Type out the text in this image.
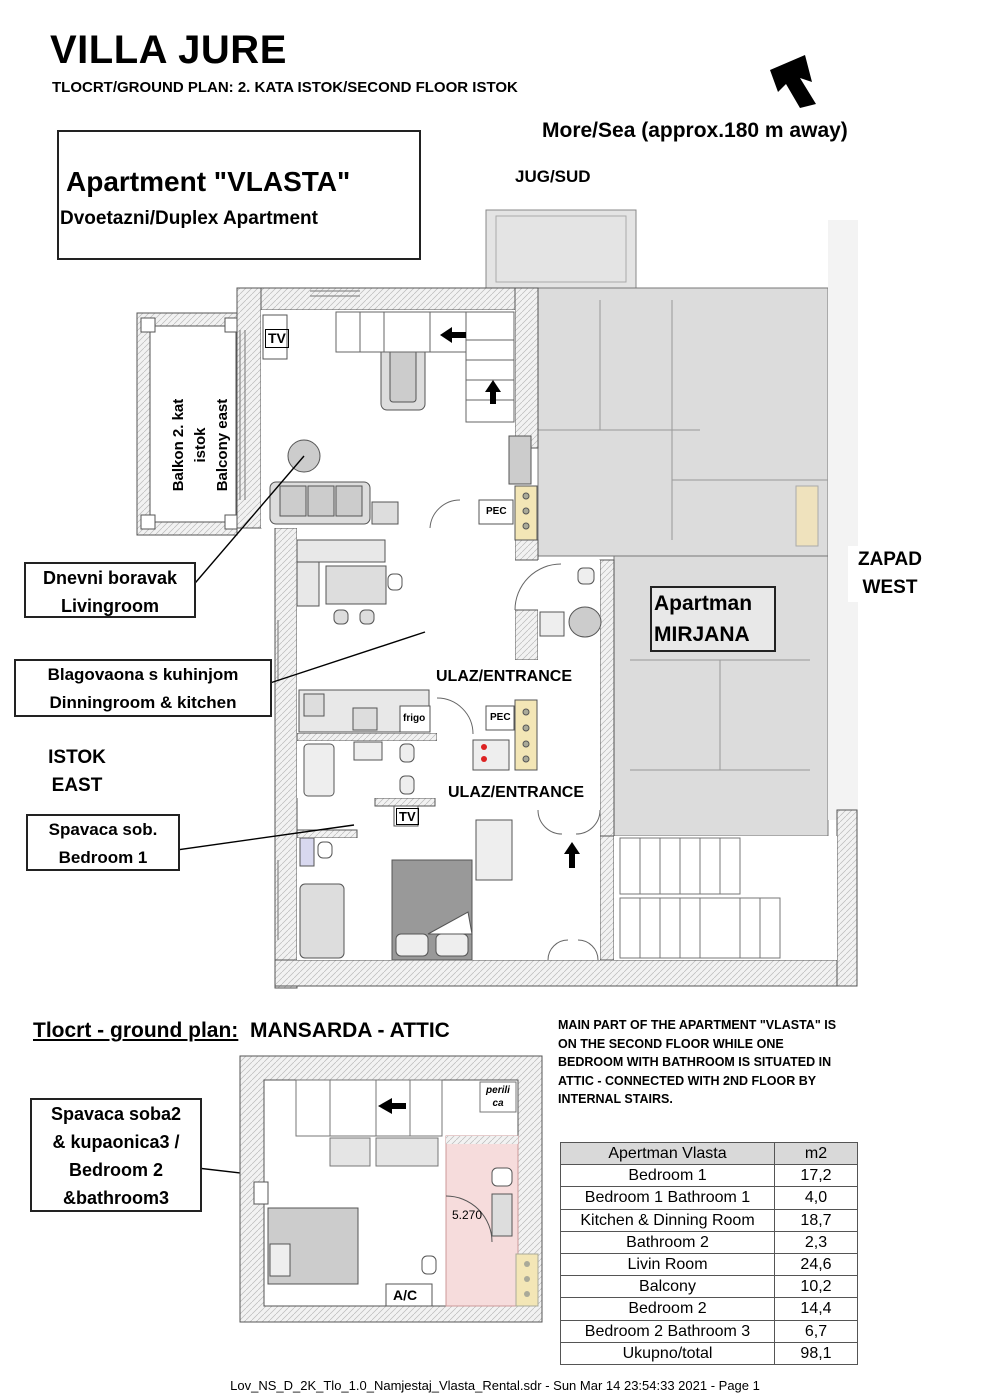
VILLA JURE
TLOCRT/GROUND PLAN: 2. KATA ISTOK/SECOND FLOOR ISTOK
More/Sea (approx.180 m away)
JUG/SUD
Apartment "VLASTA"
Dvoetazni/Duplex Apartment
Balkon 2. kat istok Balcony east
Dnevni boravak
Livingroom
Blagovaona s kuhinjom
Dinningroom & kitchen
ISTOK
EAST
ZAPAD
WEST
Spavaca sob.
Bedroom 1
Apartman
MIRJANA
ULAZ/ENTRANCE
ULAZ/ENTRANCE
TV
TV
PEC
PEC
frigo
perili
ca
A/C
5.270
Tlocrt - ground plan: MANSARDA - ATTIC
Spavaca soba2
& kupaonica3 /
Bedroom 2
&bathroom3
MAIN PART OF THE APARTMENT "VLASTA" IS ON THE SECOND FLOOR WHILE ONE BEDROOM WITH BATHROOM IS SITUATED IN ATTIC - CONNECTED WITH 2ND FLOOR BY INTERNAL STAIRS.
Apertman Vlasta	m2
Bedroom 1	17,2
Bedroom 1 Bathroom 1	4,0
Kitchen & Dinning Room	18,7
Bathroom 2	2,3
Livin Room	24,6
Balcony	10,2
Bedroom 2	14,4
Bedroom 2 Bathroom 3	6,7
Ukupno/total	98,1
Lov_NS_D_2K_Tlo_1.0_Namjestaj_Vlasta_Rental.sdr - Sun Mar 14 23:54:33 2021 - Page 1
